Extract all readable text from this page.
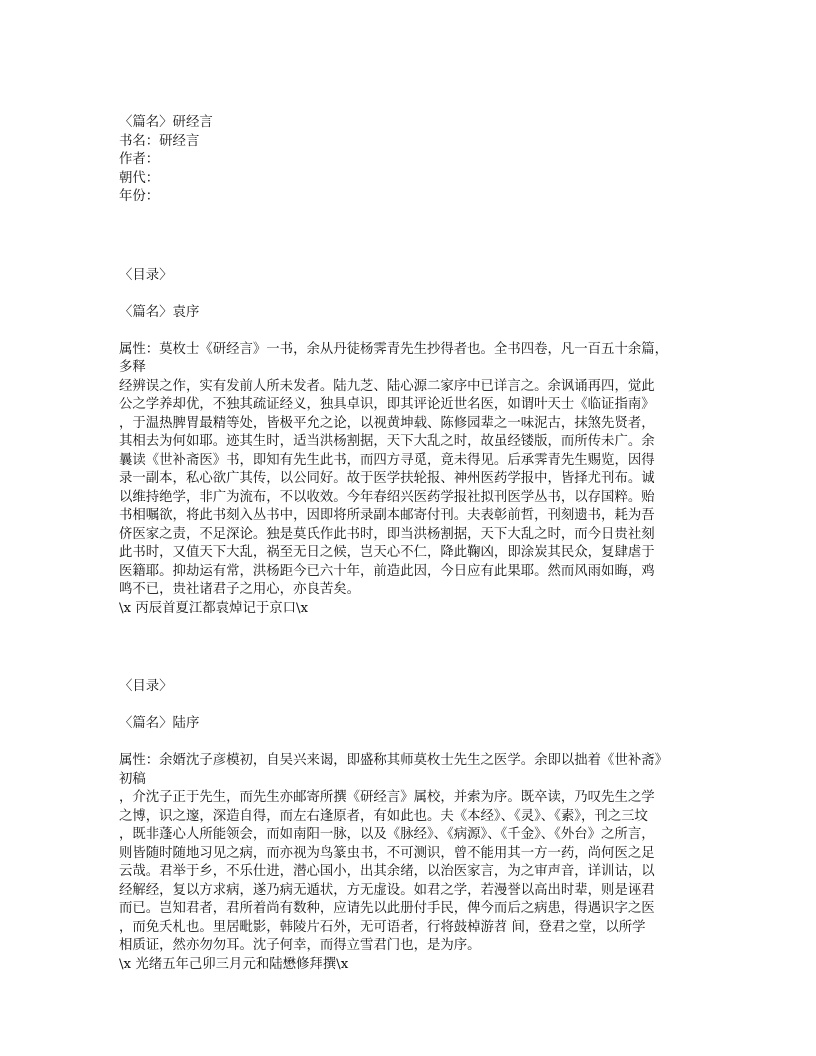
〈篇名〉研经言
书名：研经言
作者：
朝代：
年份：
〈目录〉
〈篇名〉袁序
属性：莫枚士《研经言》一书，余从丹徒杨霁青先生抄得者也。全书四卷，凡一百五十余篇，
多释
经辨误之作，实有发前人所未发者。陆九芝、陆心源二家序中已详言之。余讽诵再四，觉此
公之学养却优，不独其疏证经义，独具卓识，即其评论近世名医，如谓叶天士《临证指南》
，于温热脾胃最精等处，皆极平允之论，以视黄坤载、陈修园辈之一味泥古，抹煞先贤者，
其相去为何如耶。迹其生时，适当洪杨割据，天下大乱之时，故虽经镂版，而所传未广。余
曩读《世补斋医》书，即知有先生此书，而四方寻觅，竟未得见。后承霁青先生赐览，因得
录一副本，私心欲广其传，以公同好。故于医学扶轮报、神州医药学报中，皆择尤刊布。诚
以维持绝学，非广为流布，不以收效。今年春绍兴医药学报社拟刊医学丛书，以存国粹。贻
书相嘱欲，将此书刻入丛书中，因即将所录副本邮寄付刊。夫表彰前哲，刊刻遗书，耗为吾
侪医家之责，不足深论。独是莫氏作此书时，即当洪杨割据，天下大乱之时，而今日贵社刻
此书时，又值天下大乱，祸至无日之候，岂天心不仁，降此鞠凶，即涂炭其民众，复肆虐于
医籍耶。抑劫运有常，洪杨距今已六十年，前造此因，今日应有此果耶。然而风雨如晦，鸡
鸣不已，贵社诸君子之用心，亦良苦矣。
\x 丙辰首夏江都袁焯记于京口\x
〈目录〉
〈篇名〉陆序
属性：余婿沈子彦模初，自吴兴来谒，即盛称其师莫枚士先生之医学。余即以拙着《世补斋》
初稿
，介沈子正于先生，而先生亦邮寄所撰《研经言》属校，并索为序。既卒读，乃叹先生之学
之博，识之邃，深造自得，而左右逢原者，有如此也。夫《本经》、《灵》、《素》，刊之三坟
，既非蓬心人所能领会，而如南阳一脉，以及《脉经》、《病源》、《千金》、《外台》之所言，
则皆随时随地习见之病，而亦视为鸟篆虫书，不可测识，曾不能用其一方一药，尚何医之足
云哉。君举于乡，不乐仕进，潜心国小，出其余绪，以治医家言，为之审声音，详训诂，以
经解经，复以方求病，遂乃病无遁状，方无虚设。如君之学，若漫誉以高出时辈，则是诬君
而已。岂知君者，君所着尚有数种，应请先以此册付手民，俾今而后之病患，得遇识字之医
，而免夭札也。里居毗影，韩陵片石外，无可语者，行将鼓棹游苕 间，登君之堂，以所学
相质证，然亦勿勿耳。沈子何幸，而得立雪君门也，是为序。
\x 光绪五年己卯三月元和陆懋修拜撰\x
